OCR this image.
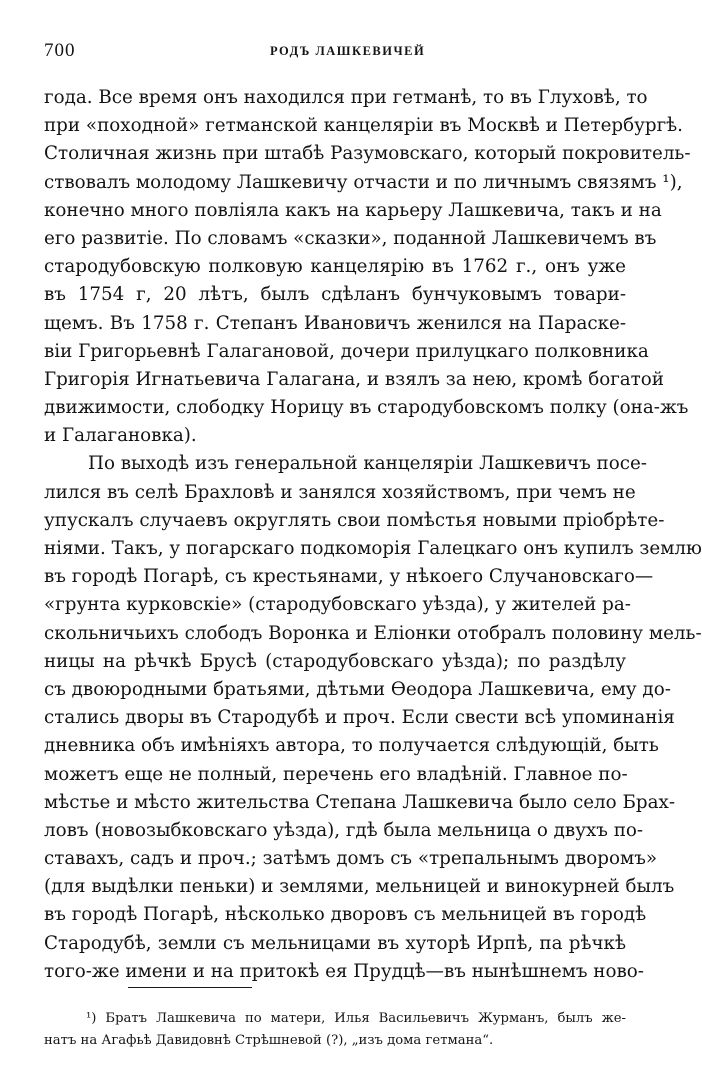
700	РОДЪ ЛАШКЕВИЧЕЙ
года. Все время онъ находился при гетманѣ, то въ Глуховѣ, то
при «походной» гетманской канцеляріи въ Москвѣ и Петербургѣ.
Столичная жизнь при штабѣ Разумовскаго, который покровитель-
ствовалъ молодому Лашкевичу отчасти и по личнымъ связямъ ¹),
конечно много повліяла какъ на карьеру Лашкевича, такъ и на
его развитіе. По словамъ «сказки», поданной Лашкевичемъ въ
стародубовскую полковую канцелярію въ 1762 г., онъ уже
въ 1754 г, 20 лѣтъ, былъ сдѣланъ бунчуковымъ товари-
щемъ. Въ 1758 г. Степанъ Ивановичъ женился на Параске-
віи Григорьевнѣ Галагановой, дочери прилуцкаго полковника
Григорія Игнатьевича Галагана, и взялъ за нею, кромѣ богатой
движимости, слободку Норицу въ стародубовскомъ полку (она-жъ
и Галагановка).
По выходѣ изъ генеральной канцеляріи Лашкевичъ посе-
лился въ селѣ Брахловѣ и занялся хозяйствомъ, при чемъ не
упускалъ случаевъ округлять свои помѣстья новыми пріобрѣте-
ніями. Такъ, у погарскаго подкоморія Галецкаго онъ купилъ землю
въ городѣ Погарѣ, съ крестьянами, у нѣкоего Случановскаго—
«грунта курковскіе» (стародубовскаго уѣзда), у жителей ра-
скольничьихъ слободъ Воронка и Еліонки отобралъ половину мель-
ницы на рѣчкѣ Брусѣ (стародубовскаго уѣзда); по раздѣлу
съ двоюродными братьями, дѣтьми Ѳеодора Лашкевича, ему до-
стались дворы въ Стародубѣ и проч. Если свести всѣ упоминанія
дневника объ имѣніяхъ автора, то получается слѣдующій, быть
можетъ еще не полный, перечень его владѣній. Главное по-
мѣстье и мѣсто жительства Степана Лашкевича было село Брах-
ловъ (новозыбковскаго уѣзда), гдѣ была мельница о двухъ по-
ставахъ, садъ и проч.; затѣмъ домъ съ «трепальнымъ дворомъ»
(для выдѣлки пеньки) и землями, мельницей и винокурней былъ
въ городѣ Погарѣ, нѣсколько дворовъ съ мельницей въ городѣ
Стародубѣ, земли съ мельницами въ хуторѣ Ирпѣ, па рѣчкѣ
того-же имени и на притокѣ ея Прудцѣ—въ нынѣшнемъ ново-
¹) Братъ Лашкевича по матери, Илья Васильевичъ Журманъ, былъ же-
натъ на Агафьѣ Давидовнѣ Стрѣшневой (?), „изъ дома гетмана“.
